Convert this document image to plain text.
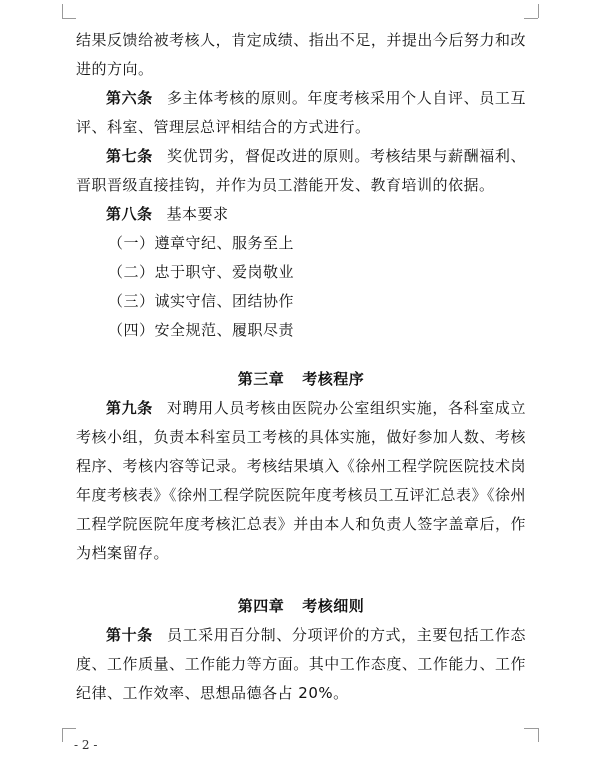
结果反馈给被考核人，肯定成绩、指出不足，并提出今后努力和改进的方向。

第六条 多主体考核的原则。年度考核采用个人自评、员工互评、科室、管理层总评相结合的方式进行。

第七条 奖优罚劣，督促改进的原则。考核结果与薪酬福利、晋职晋级直接挂钩，并作为员工潜能开发、教育培训的依据。

第八条 基本要求

（一）遵章守纪、服务至上

（二）忠于职守、爱岗敬业

（三）诚实守信、团结协作

（四）安全规范、履职尽责

第三章 考核程序

第九条 对聘用人员考核由医院办公室组织实施，各科室成立考核小组，负责本科室员工考核的具体实施，做好参加人数、考核程序、考核内容等记录。考核结果填入《徐州工程学院医院技术岗年度考核表》《徐州工程学院医院年度考核员工互评汇总表》《徐州工程学院医院年度考核汇总表》并由本人和负责人签字盖章后，作为档案留存。

第四章 考核细则

第十条 员工采用百分制、分项评价的方式，主要包括工作态度、工作质量、工作能力等方面。其中工作态度、工作能力、工作纪律、工作效率、思想品德各占 20%。

- 2 -
